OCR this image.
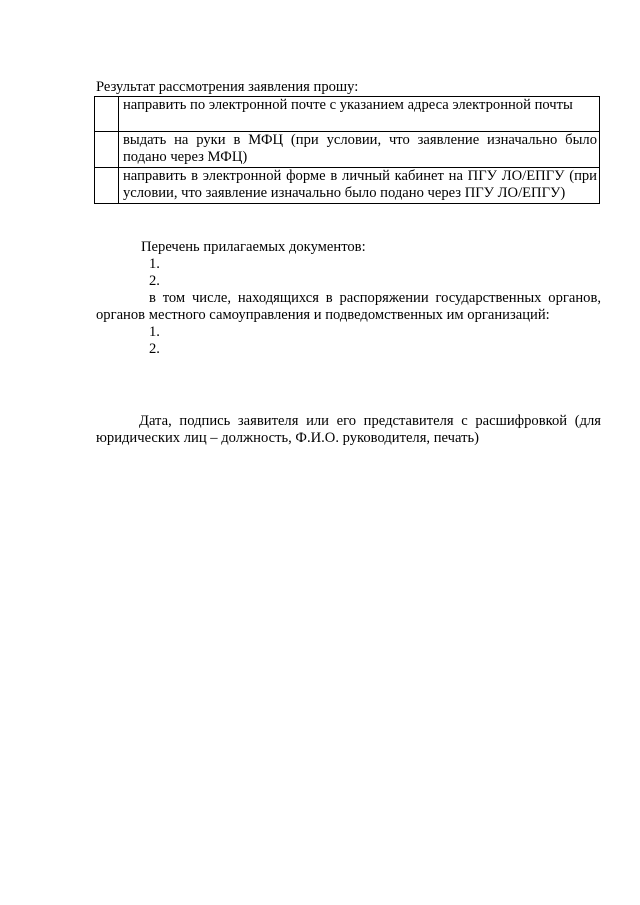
Результат рассмотрения заявления прошу:

	направить по электронной почте с указанием адреса электронной почты

	выдать на руки в МФЦ (при условии, что заявление изначально было подано через МФЦ)
	направить в электронной форме в личный кабинет на ПГУ ЛО/ЕПГУ (при условии, что заявление изначально было подано через ПГУ ЛО/ЕПГУ)
Перечень прилагаемых документов:
1.
2.
в том числе, находящихся в распоряжении государственных органов, органов местного самоуправления и подведомственных им организаций:
1.
2.
Дата, подпись заявителя или его представителя с расшифровкой (для юридических лиц – должность, Ф.И.О. руководителя, печать)
